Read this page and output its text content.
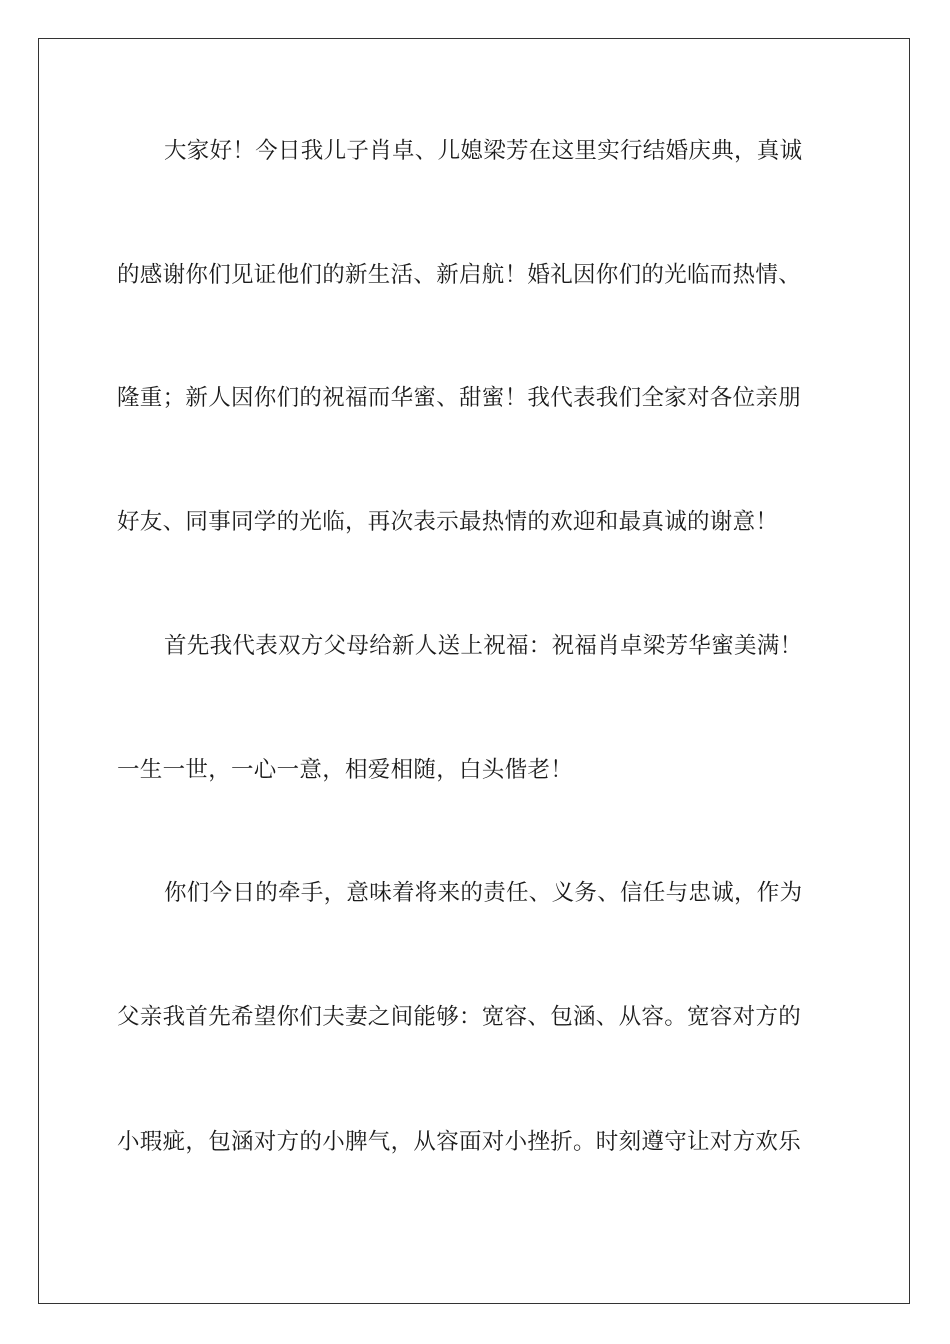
大家好！今日我儿子肖卓、儿媳梁芳在这里实行结婚庆典，真诚
的感谢你们见证他们的新生活、新启航！婚礼因你们的光临而热情、
隆重；新人因你们的祝福而华蜜、甜蜜！我代表我们全家对各位亲朋
好友、同事同学的光临，再次表示最热情的欢迎和最真诚的谢意！
首先我代表双方父母给新人送上祝福：祝福肖卓梁芳华蜜美满！
一生一世，一心一意，相爱相随，白头偕老！
你们今日的牵手，意味着将来的责任、义务、信任与忠诚，作为
父亲我首先希望你们夫妻之间能够：宽容、包涵、从容。宽容对方的
小瑕疵，包涵对方的小脾气，从容面对小挫折。时刻遵守让对方欢乐
